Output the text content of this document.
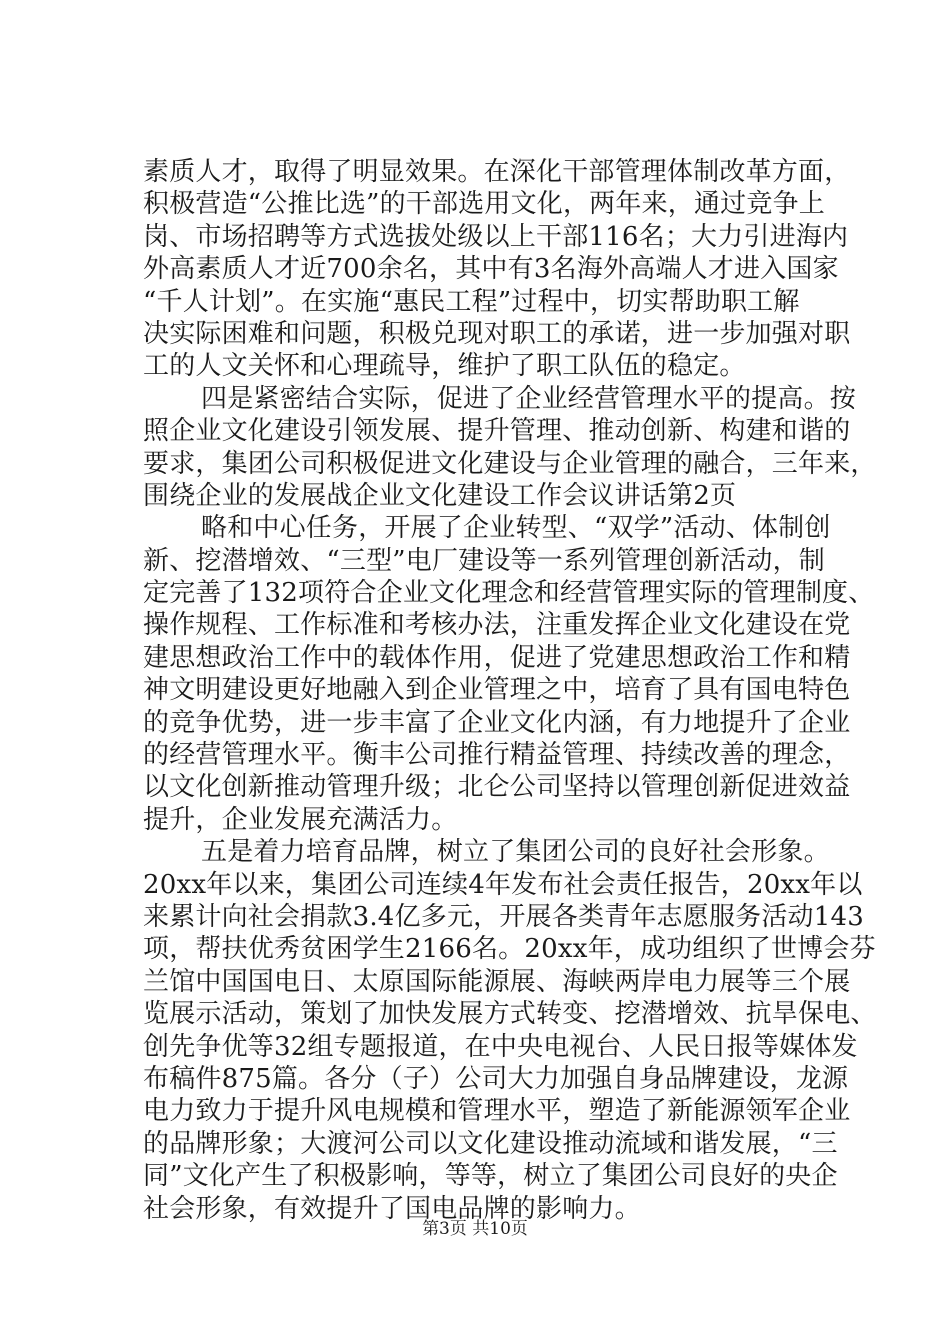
素质人才，取得了明显效果。在深化干部管理体制改革方面，
积极营造“公推比选”的干部选用文化，两年来，通过竞争上
岗、市场招聘等方式选拔处级以上干部116名；大力引进海内
外高素质人才近700余名，其中有3名海外高端人才进入国家
“千人计划”。在实施“惠民工程”过程中，切实帮助职工解
决实际困难和问题，积极兑现对职工的承诺，进一步加强对职
工的人文关怀和心理疏导，维护了职工队伍的稳定。
四是紧密结合实际，促进了企业经营管理水平的提高。按
照企业文化建设引领发展、提升管理、推动创新、构建和谐的
要求，集团公司积极促进文化建设与企业管理的融合，三年来，
围绕企业的发展战企业文化建设工作会议讲话第2页
略和中心任务，开展了企业转型、“双学”活动、体制创
新、挖潜增效、“三型”电厂建设等一系列管理创新活动，制
定完善了132项符合企业文化理念和经营管理实际的管理制度、
操作规程、工作标准和考核办法，注重发挥企业文化建设在党
建思想政治工作中的载体作用，促进了党建思想政治工作和精
神文明建设更好地融入到企业管理之中，培育了具有国电特色
的竞争优势，进一步丰富了企业文化内涵，有力地提升了企业
的经营管理水平。衡丰公司推行精益管理、持续改善的理念，
以文化创新推动管理升级；北仑公司坚持以管理创新促进效益
提升，企业发展充满活力。
五是着力培育品牌，树立了集团公司的良好社会形象。
20xx年以来，集团公司连续4年发布社会责任报告，20xx年以
来累计向社会捐款3.4亿多元，开展各类青年志愿服务活动143
项，帮扶优秀贫困学生2166名。20xx年，成功组织了世博会芬
兰馆中国国电日、太原国际能源展、海峡两岸电力展等三个展
览展示活动，策划了加快发展方式转变、挖潜增效、抗旱保电、
创先争优等32组专题报道，在中央电视台、人民日报等媒体发
布稿件875篇。各分（子）公司大力加强自身品牌建设，龙源
电力致力于提升风电规模和管理水平，塑造了新能源领军企业
的品牌形象；大渡河公司以文化建设推动流域和谐发展，“三
同”文化产生了积极影响，等等，树立了集团公司良好的央企
社会形象，有效提升了国电品牌的影响力。
第3页 共10页
